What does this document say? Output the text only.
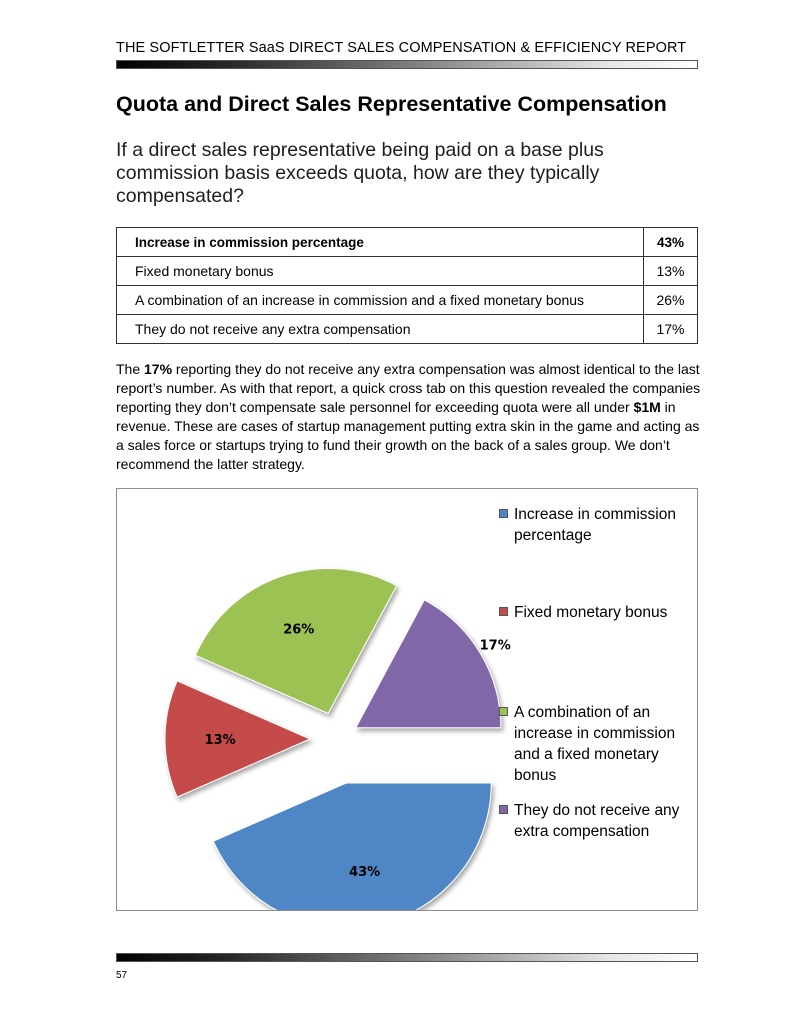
THE SOFTLETTER SaaS DIRECT SALES COMPENSATION & EFFICIENCY REPORT
Quota and Direct Sales Representative Compensation

If a direct sales representative being paid on a base plus commission basis exceeds quota, how are they typically compensated?

Increase in commission percentage	43%
Fixed monetary bonus	13%
A combination of an increase in commission and a fixed monetary bonus	26%
They do not receive any extra compensation	17%

The 17% reporting they do not receive any extra compensation was almost identical to the last report’s number. As with that report, a quick cross tab on this question revealed the companies reporting they don’t compensate sale personnel for exceeding quota were all under $1M in revenue. These are cases of startup management putting extra skin in the game and acting as a sales force or startups trying to fund their growth on the back of a sales group. We don’t recommend the latter strategy.

43%
13%
26%
17%
Increase in commission
percentage
Fixed monetary bonus
A combination of an
increase in commission
and a fixed monetary
bonus
They do not receive any
extra compensation
57
